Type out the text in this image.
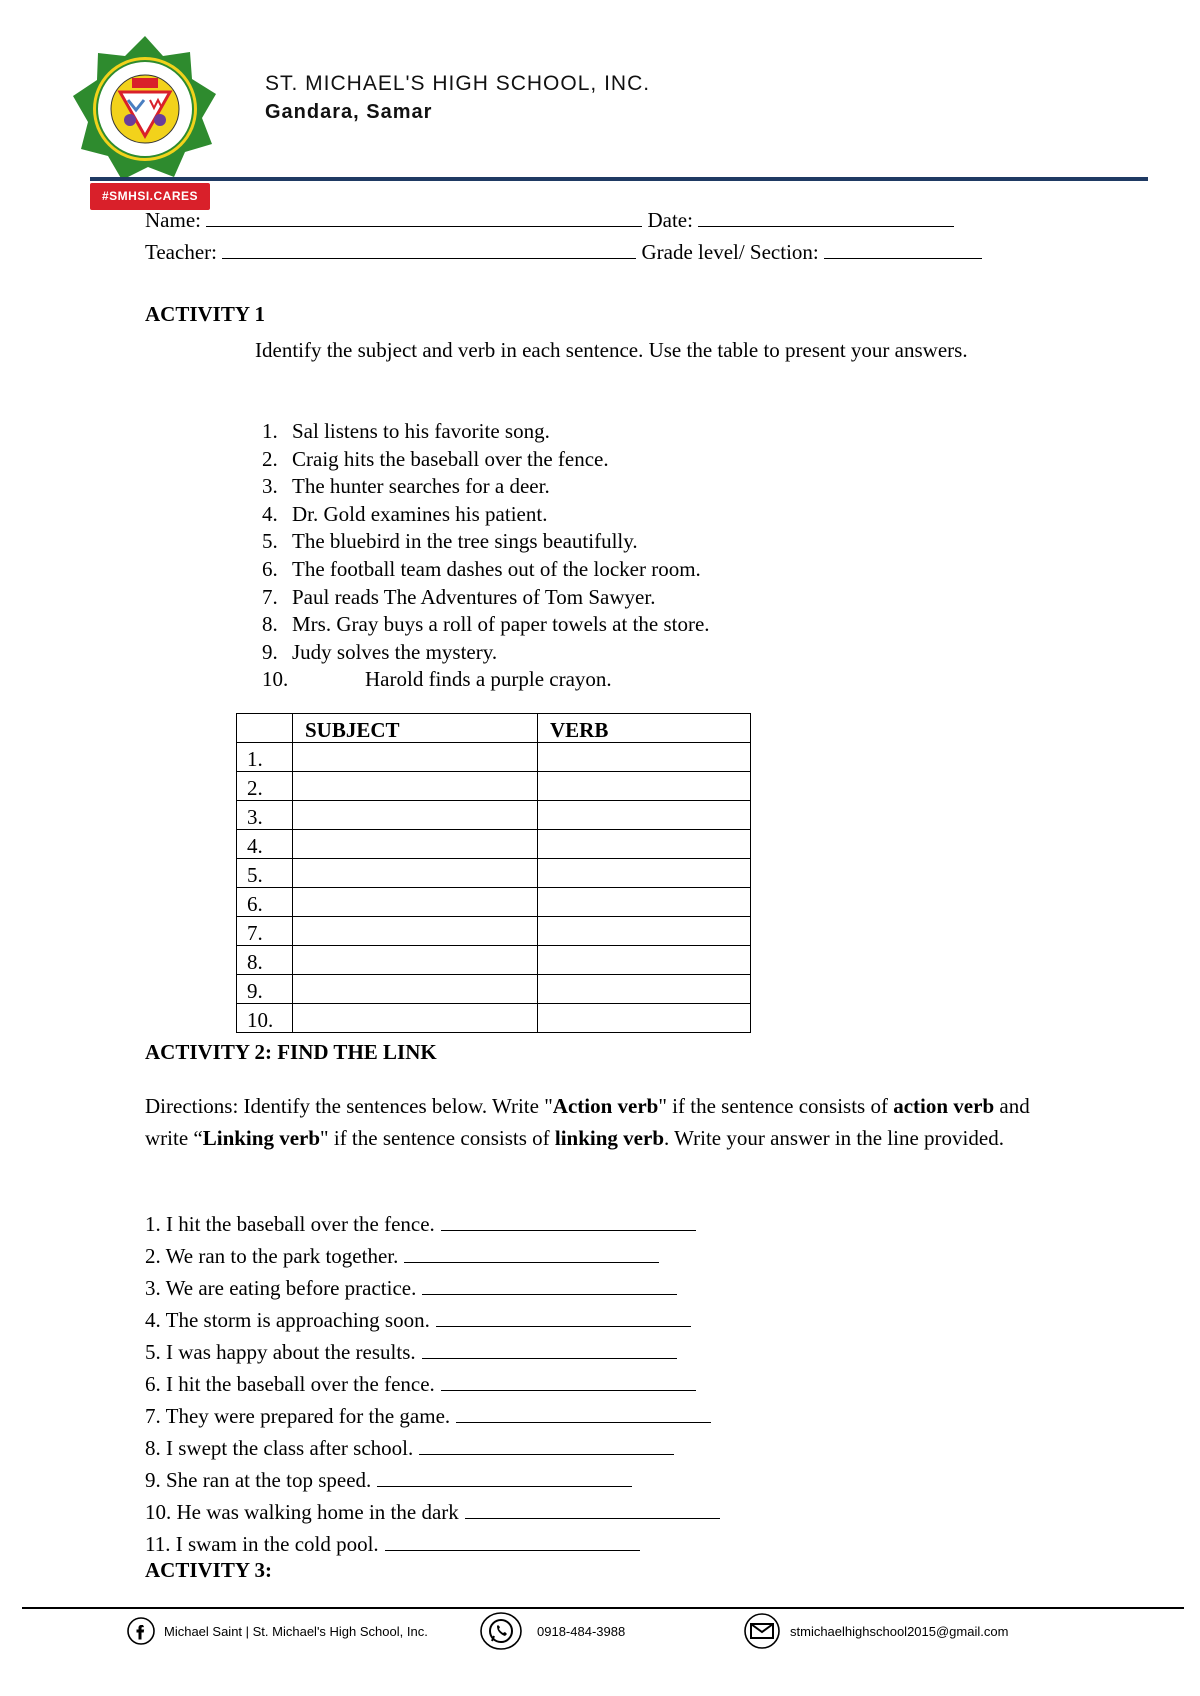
ST. MICHAEL'S HIGH SCHOOL, INC.
Gandara, Samar
#SMHSI.CARES
Name:	Date:
Teacher:	Grade level/ Section:
ACTIVITY 1
Identify the subject and verb in each sentence. Use the table to present your answers.
1. Sal listens to his favorite song.
2. Craig hits the baseball over the fence.
3. The hunter searches for a deer.
4. Dr. Gold examines his patient.
5. The bluebird in the tree sings beautifully.
6. The football team dashes out of the locker room.
7. Paul reads The Adventures of Tom Sawyer.
8. Mrs. Gray buys a roll of paper towels at the store.
9. Judy solves the mystery.
10.	Harold finds a purple crayon.
	SUBJECT	VERB
1.		
2.		
3.		
4.		
5.		
6.		
7.		
8.		
9.		
10.		
ACTIVITY 2: FIND THE LINK
Directions: Identify the sentences below. Write "Action verb" if the sentence consists of action verb and write “Linking verb" if the sentence consists of linking verb. Write your answer in the line provided.
1. I hit the baseball over the fence.
2. We ran to the park together.
3. We are eating before practice.
4. The storm is approaching soon.
5. I was happy about the results.
6. I hit the baseball over the fence.
7. They were prepared for the game.
8. I swept the class after school.
9. She ran at the top speed.
10. He was walking home in the dark
11. I swam in the cold pool.
ACTIVITY 3:
Michael Saint | St. Michael's High School, Inc.	0918-484-3988	stmichaelhighschool2015@gmail.com
